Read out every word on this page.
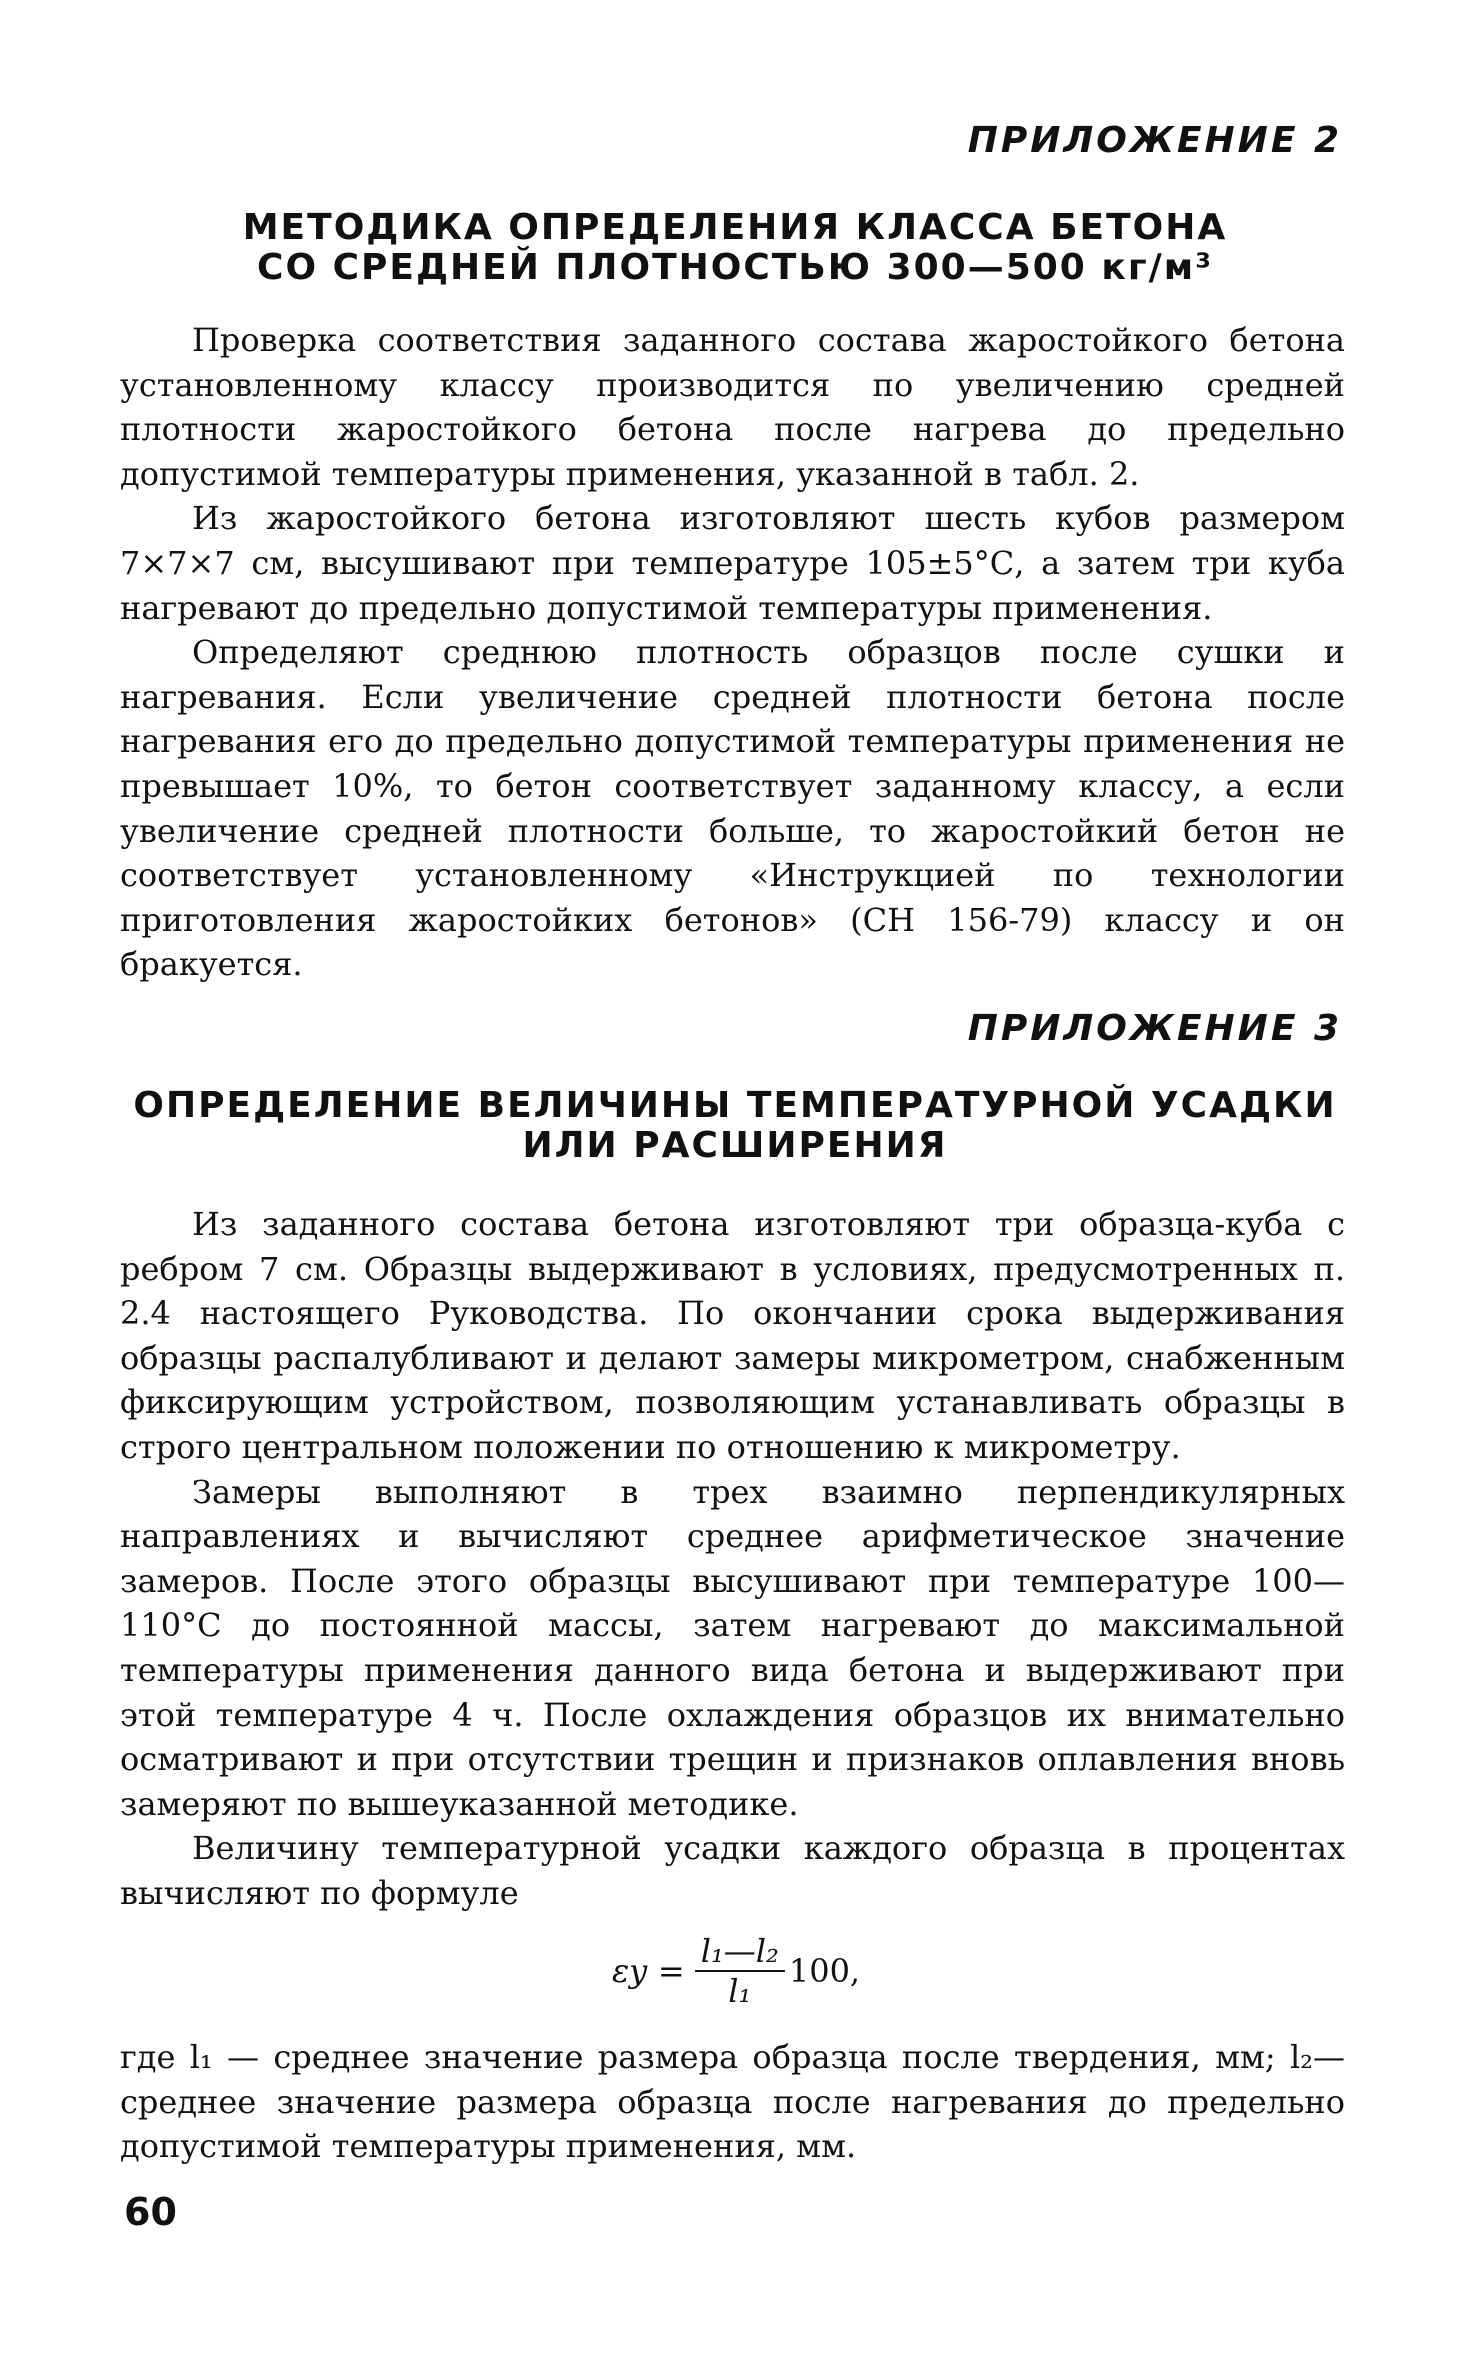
ПРИЛОЖЕНИЕ 2
МЕТОДИКА ОПРЕДЕЛЕНИЯ КЛАССА БЕТОНА
СО СРЕДНЕЙ ПЛОТНОСТЬЮ 300—500 кг/м³

Проверка соответствия заданного состава жаростойкого бетона установленному классу производится по увеличению средней плотности жаростойкого бетона после нагрева до предельно допустимой температуры применения, указанной в табл. 2.

Из жаростойкого бетона изготовляют шесть кубов размером 7×7×7 см, высушивают при температуре 105±5°С, а затем три куба нагревают до предельно допустимой температуры применения.

Определяют среднюю плотность образцов после сушки и нагревания. Если увеличение средней плотности бетона после нагревания его до предельно допустимой температуры применения не превышает 10%, то бетон соответствует заданному классу, а если увеличение средней плотности больше, то жаростойкий бетон не соответствует установленному «Инструкцией по технологии приготовления жаростойких бетонов» (СН 156-79) классу и он бракуется.

ПРИЛОЖЕНИЕ 3
ОПРЕДЕЛЕНИЕ ВЕЛИЧИНЫ ТЕМПЕРАТУРНОЙ УСАДКИ
ИЛИ РАСШИРЕНИЯ

Из заданного состава бетона изготовляют три образца-куба с ребром 7 см. Образцы выдерживают в условиях, предусмотренных п. 2.4 настоящего Руководства. По окончании срока выдерживания образцы распалубливают и делают замеры микрометром, снабженным фиксирующим устройством, позволяющим устанавливать образцы в строго центральном положении по отношению к микрометру.

Замеры выполняют в трех взаимно перпендикулярных направлениях и вычисляют среднее арифметическое значение замеров. После этого образцы высушивают при температуре 100—110°С до постоянной массы, затем нагревают до максимальной температуры применения данного вида бетона и выдерживают при этой температуре 4 ч. После охлаждения образцов их внимательно осматривают и при отсутствии трещин и признаков оплавления вновь замеряют по вышеуказанной методике.

Величину температурной усадки каждого образца в процентах вычисляют по формуле

$\varepsilon у = \frac{\text{l₁—l₂}}{\text{l₁}} 100$,

где l₁ — среднее значение размера образца после твердения, мм; l₂— среднее значение размера образца после нагревания до предельно допустимой температуры применения, мм.

60
